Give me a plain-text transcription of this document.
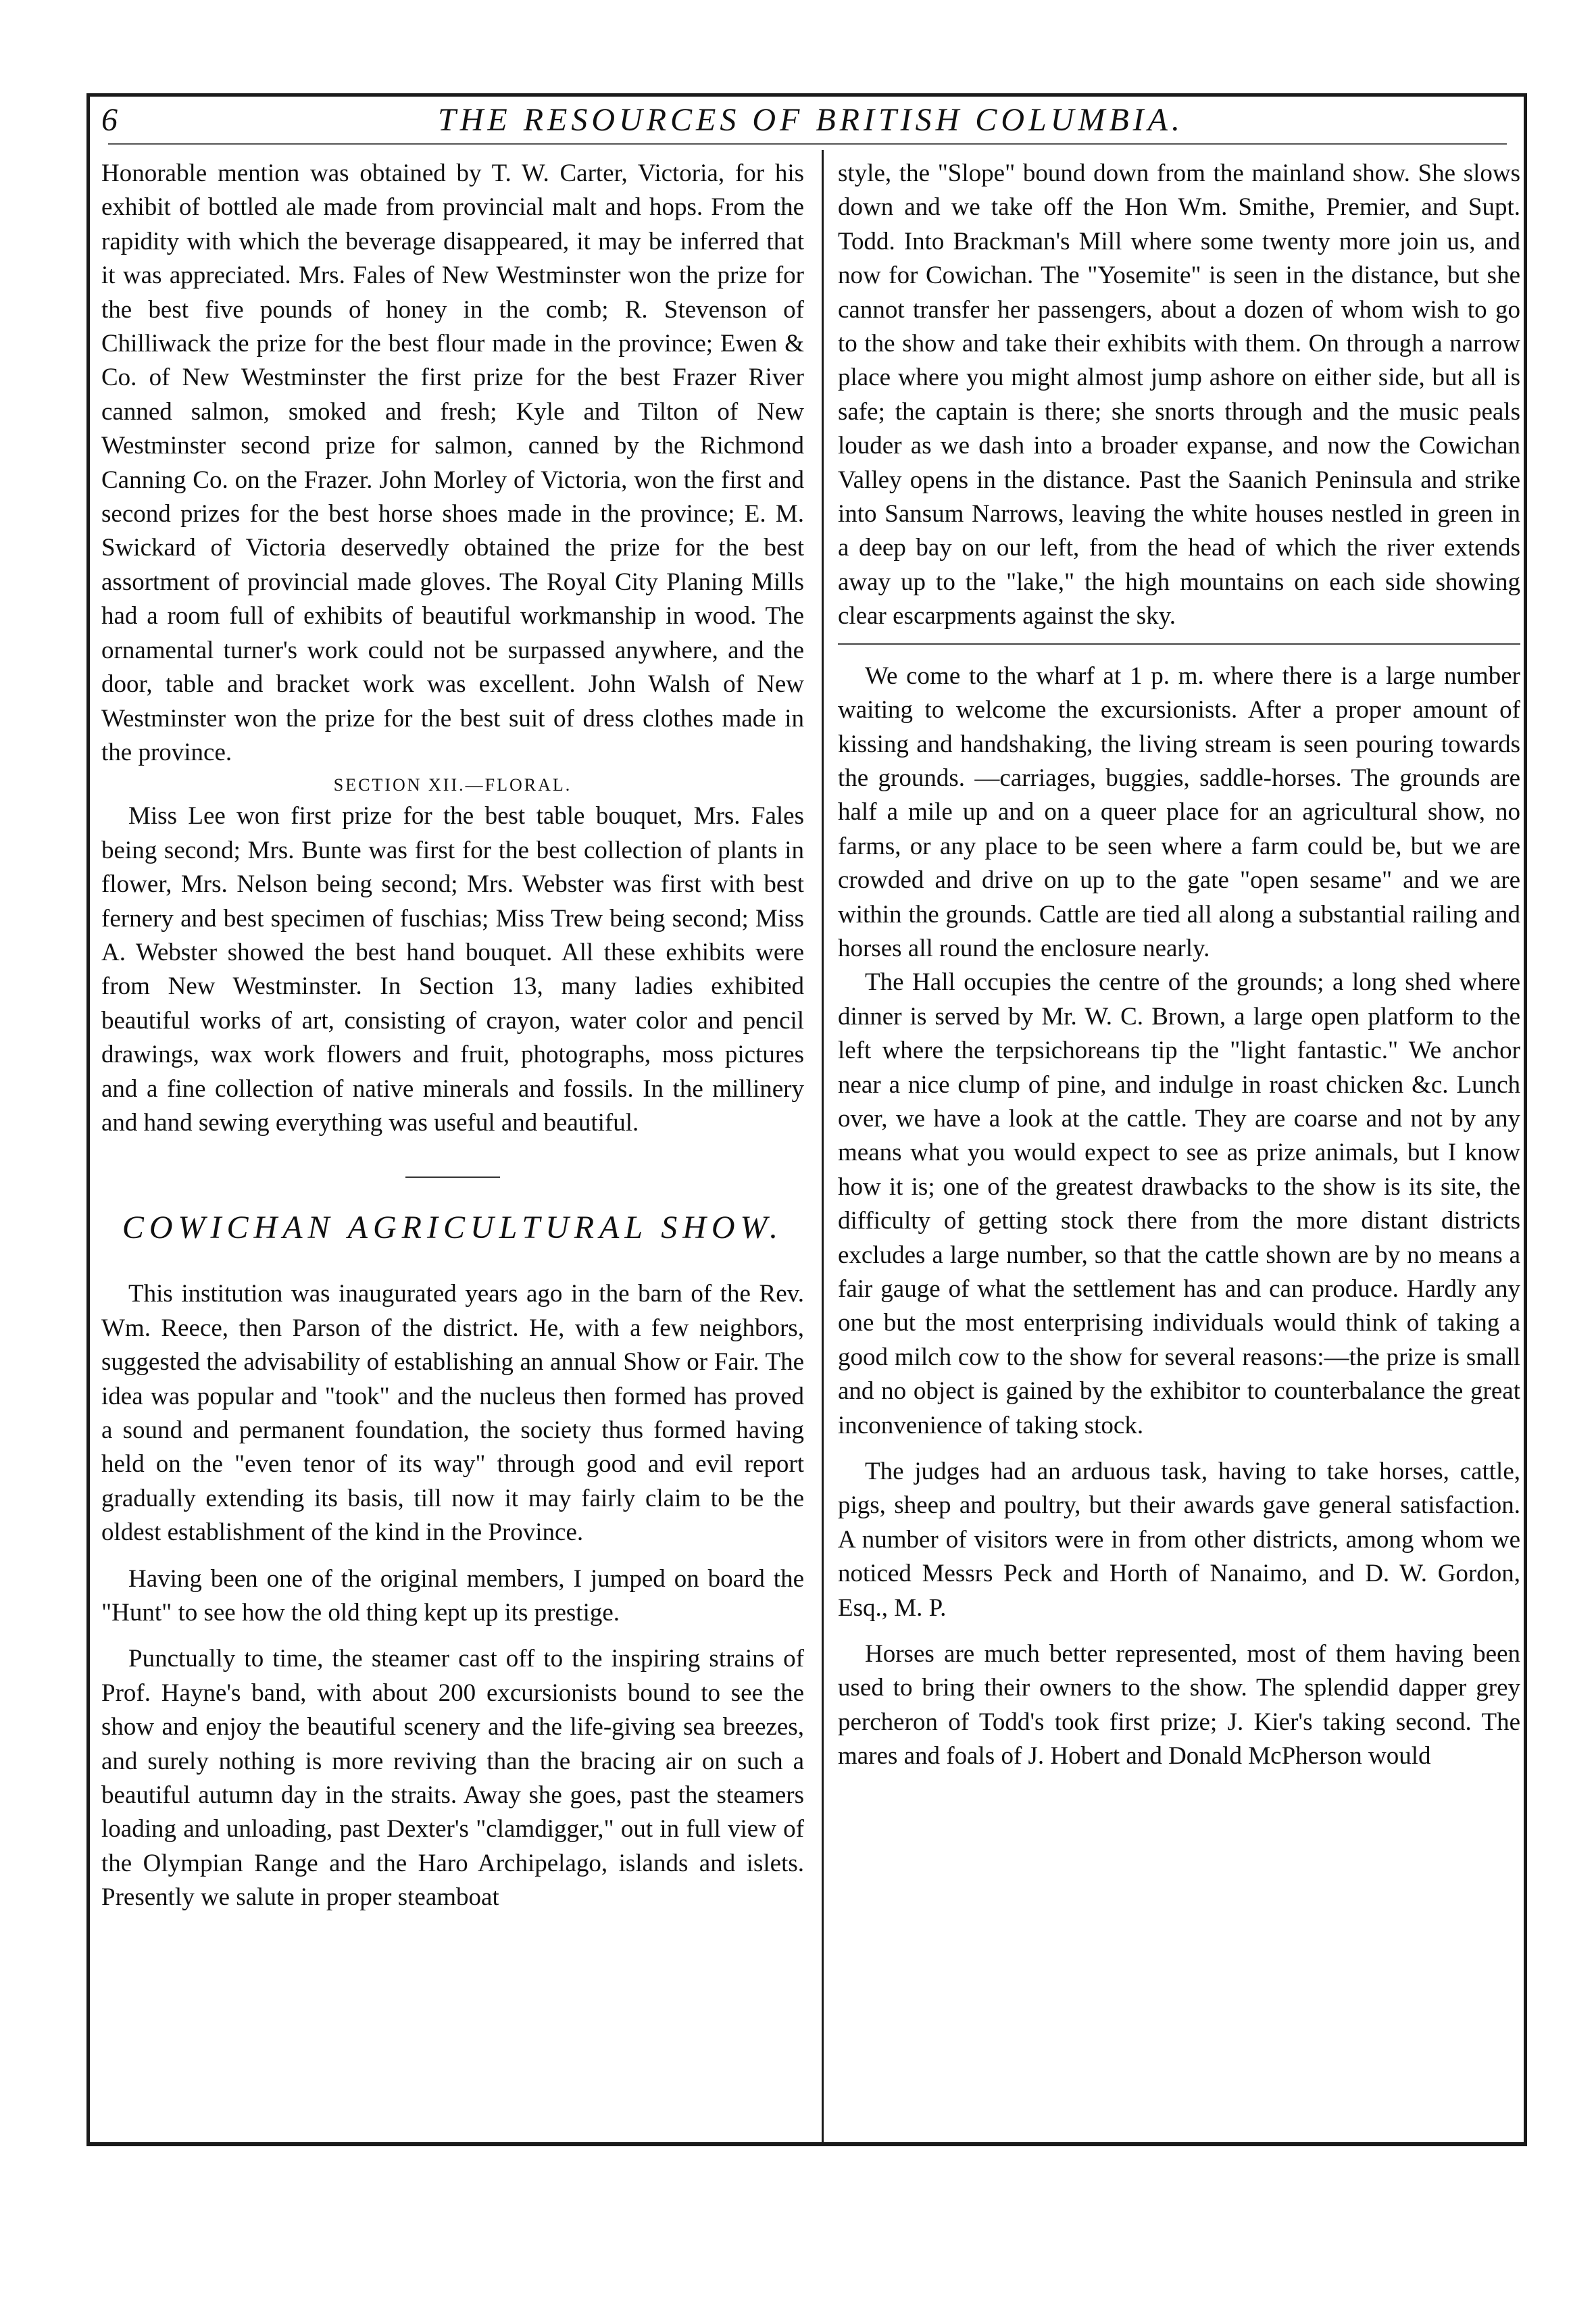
6	THE RESOURCES OF BRITISH COLUMBIA.

Honorable mention was obtained by T. W. Carter, Victoria, for his exhibit of bottled ale made from provincial malt and hops. From the rapidity with which the beverage disappeared, it may be inferred that it was appreciated. Mrs. Fales of New Westminster won the prize for the best five pounds of honey in the comb; R. Stevenson of Chilliwack the prize for the best flour made in the province; Ewen & Co. of New Westminster the first prize for the best Frazer River canned salmon, smoked and fresh; Kyle and Tilton of New Westminster second prize for salmon, canned by the Richmond Canning Co. on the Frazer. John Morley of Victoria, won the first and second prizes for the best horse shoes made in the province; E. M. Swickard of Victoria deservedly obtained the prize for the best assortment of provincial made gloves. The Royal City Planing Mills had a room full of exhibits of beautiful workmanship in wood. The ornamental turner's work could not be surpassed anywhere, and the door, table and bracket work was excellent. John Walsh of New Westminster won the prize for the best suit of dress clothes made in the province.

SECTION XII.—FLORAL.

Miss Lee won first prize for the best table bouquet, Mrs. Fales being second; Mrs. Bunte was first for the best collection of plants in flower, Mrs. Nelson being second; Mrs. Webster was first with best fernery and best specimen of fuschias; Miss Trew being second; Miss A. Webster showed the best hand bouquet. All these exhibits were from New Westminster. In Section 13, many ladies exhibited beautiful works of art, consisting of crayon, water color and pencil drawings, wax work flowers and fruit, photographs, moss pictures and a fine collection of native minerals and fossils. In the millinery and hand sewing everything was useful and beautiful.

COWICHAN AGRICULTURAL SHOW.

This institution was inaugurated years ago in the barn of the Rev. Wm. Reece, then Parson of the district. He, with a few neighbors, suggested the advisability of establishing an annual Show or Fair. The idea was popular and "took" and the nucleus then formed has proved a sound and permanent foundation, the society thus formed having held on the "even tenor of its way" through good and evil report gradually extending its basis, till now it may fairly claim to be the oldest establishment of the kind in the Province.

Having been one of the original members, I jumped on board the "Hunt" to see how the old thing kept up its prestige.

Punctually to time, the steamer cast off to the inspiring strains of Prof. Hayne's band, with about 200 excursionists bound to see the show and enjoy the beautiful scenery and the life-giving sea breezes, and surely nothing is more reviving than the bracing air on such a beautiful autumn day in the straits. Away she goes, past the steamers loading and unloading, past Dexter's "clamdigger," out in full view of the Olympian Range and the Haro Archipelago, islands and islets. Presently we salute in proper steamboat

style, the "Slope" bound down from the mainland show. She slows down and we take off the Hon Wm. Smithe, Premier, and Supt. Todd. Into Brackman's Mill where some twenty more join us, and now for Cowichan. The "Yosemite" is seen in the distance, but she cannot transfer her passengers, about a dozen of whom wish to go to the show and take their exhibits with them. On through a narrow place where you might almost jump ashore on either side, but all is safe; the captain is there; she snorts through and the music peals louder as we dash into a broader expanse, and now the Cowichan Valley opens in the distance. Past the Saanich Peninsula and strike into Sansum Narrows, leaving the white houses nestled in green in a deep bay on our left, from the head of which the river extends away up to the "lake," the high mountains on each side showing clear escarpments against the sky.

We come to the wharf at 1 p. m. where there is a large number waiting to welcome the excursionists. After a proper amount of kissing and handshaking, the living stream is seen pouring towards the grounds. —carriages, buggies, saddle-horses. The grounds are half a mile up and on a queer place for an agricultural show, no farms, or any place to be seen where a farm could be, but we are crowded and drive on up to the gate "open sesame" and we are within the grounds. Cattle are tied all along a substantial railing and horses all round the enclosure nearly.

The Hall occupies the centre of the grounds; a long shed where dinner is served by Mr. W. C. Brown, a large open platform to the left where the terpsichoreans tip the "light fantastic." We anchor near a nice clump of pine, and indulge in roast chicken &c. Lunch over, we have a look at the cattle. They are coarse and not by any means what you would expect to see as prize animals, but I know how it is; one of the greatest drawbacks to the show is its site, the difficulty of getting stock there from the more distant districts excludes a large number, so that the cattle shown are by no means a fair gauge of what the settlement has and can produce. Hardly any one but the most enterprising individuals would think of taking a good milch cow to the show for several reasons:—the prize is small and no object is gained by the exhibitor to counterbalance the great inconvenience of taking stock.

The judges had an arduous task, having to take horses, cattle, pigs, sheep and poultry, but their awards gave general satisfaction. A number of visitors were in from other districts, among whom we noticed Messrs Peck and Horth of Nanaimo, and D. W. Gordon, Esq., M. P.

Horses are much better represented, most of them having been used to bring their owners to the show. The splendid dapper grey percheron of Todd's took first prize; J. Kier's taking second. The mares and foals of J. Hobert and Donald McPherson would
